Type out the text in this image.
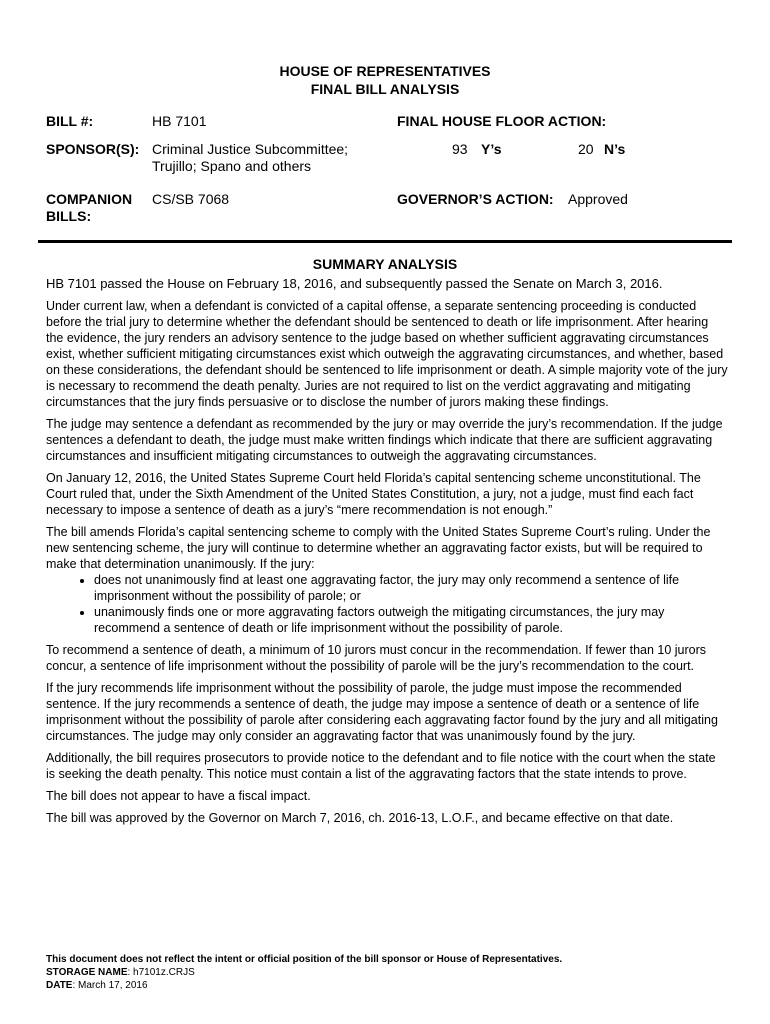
HOUSE OF REPRESENTATIVES
FINAL BILL ANALYSIS
BILL #:	HB 7101
SPONSOR(S): Criminal Justice Subcommittee;
Trujillo; Spano and others
COMPANION
BILLS:
CS/SB 7068
FINAL HOUSE FLOOR ACTION:
93 Y’s	20 N’s
GOVERNOR’S ACTION: Approved
SUMMARY ANALYSIS

HB 7101 passed the House on February 18, 2016, and subsequently passed the Senate on March 3, 2016.

Under current law, when a defendant is convicted of a capital offense, a separate sentencing proceeding is conducted before the trial jury to determine whether the defendant should be sentenced to death or life imprisonment. After hearing the evidence, the jury renders an advisory sentence to the judge based on whether sufficient aggravating circumstances exist, whether sufficient mitigating circumstances exist which outweigh the aggravating circumstances, and whether, based on these considerations, the defendant should be sentenced to life imprisonment or death. A simple majority vote of the jury is necessary to recommend the death penalty. Juries are not required to list on the verdict aggravating and mitigating circumstances that the jury finds persuasive or to disclose the number of jurors making these findings.

The judge may sentence a defendant as recommended by the jury or may override the jury’s recommendation. If the judge sentences a defendant to death, the judge must make written findings which indicate that there are sufficient aggravating circumstances and insufficient mitigating circumstances to outweigh the aggravating circumstances.

On January 12, 2016, the United States Supreme Court held Florida’s capital sentencing scheme unconstitutional. The Court ruled that, under the Sixth Amendment of the United States Constitution, a jury, not a judge, must find each fact necessary to impose a sentence of death as a jury’s “mere recommendation is not enough.”

The bill amends Florida’s capital sentencing scheme to comply with the United States Supreme Court’s ruling. Under the new sentencing scheme, the jury will continue to determine whether an aggravating factor exists, but will be required to make that determination unanimously. If the jury:

• does not unanimously find at least one aggravating factor, the jury may only recommend a sentence of life imprisonment without the possibility of parole; or
• unanimously finds one or more aggravating factors outweigh the mitigating circumstances, the jury may recommend a sentence of death or life imprisonment without the possibility of parole.

To recommend a sentence of death, a minimum of 10 jurors must concur in the recommendation. If fewer than 10 jurors concur, a sentence of life imprisonment without the possibility of parole will be the jury’s recommendation to the court.

If the jury recommends life imprisonment without the possibility of parole, the judge must impose the recommended sentence. If the jury recommends a sentence of death, the judge may impose a sentence of death or a sentence of life imprisonment without the possibility of parole after considering each aggravating factor found by the jury and all mitigating circumstances. The judge may only consider an aggravating factor that was unanimously found by the jury.

Additionally, the bill requires prosecutors to provide notice to the defendant and to file notice with the court when the state is seeking the death penalty. This notice must contain a list of the aggravating factors that the state intends to prove.

The bill does not appear to have a fiscal impact.

The bill was approved by the Governor on March 7, 2016, ch. 2016-13, L.O.F., and became effective on that date.

This document does not reflect the intent or official position of the bill sponsor or House of Representatives.
STORAGE NAME: h7101z.CRJS
DATE: March 17, 2016
